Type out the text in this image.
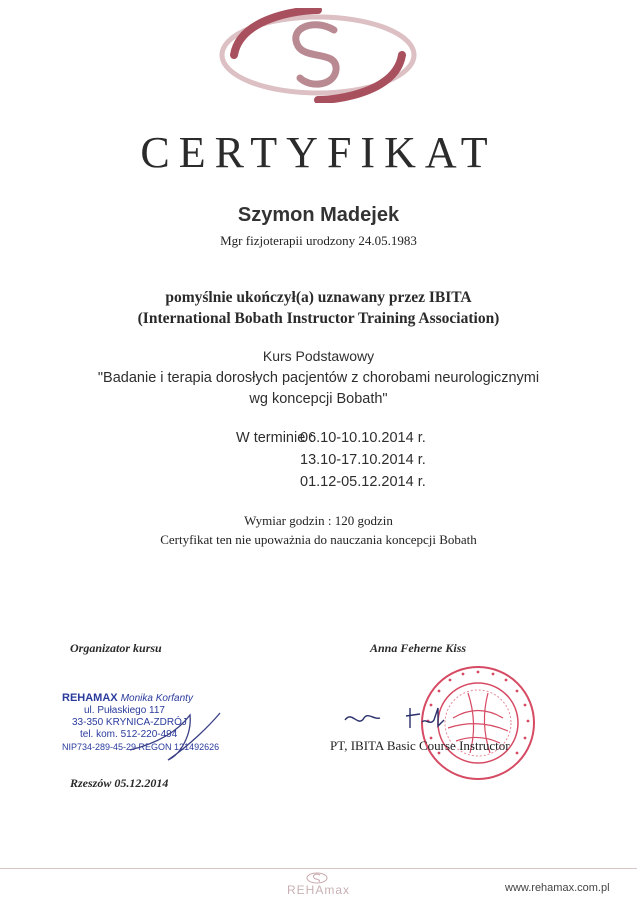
CERTYFIKAT
Szymon Madejek
Mgr fizjoterapii urodzony 24.05.1983
pomyślnie ukończył(a) uznawany przez IBITA
(International Bobath Instructor Training Association)
Kurs Podstawowy
"Badanie i terapia dorosłych pacjentów z chorobami neurologicznymi
wg koncepcji Bobath"
W terminie :
06.10-10.10.2014 r.
13.10-17.10.2014 r.
01.12-05.12.2014 r.
Wymiar godzin : 120 godzin
Certyfikat ten nie upoważnia do nauczania koncepcji Bobath
Organizator kursu	Anna Feherne Kiss
REHAMAX Monika Korfanty
ul. Pułaskiego 117
33-350 KRYNICA-ZDRÓJ
tel. kom. 512-220-494
NIP734-289-45-29 REGON 121492626	PT, IBITA Basic Course Instructor
Rzeszów 05.12.2014
REHAmax	www.rehamax.com.pl
